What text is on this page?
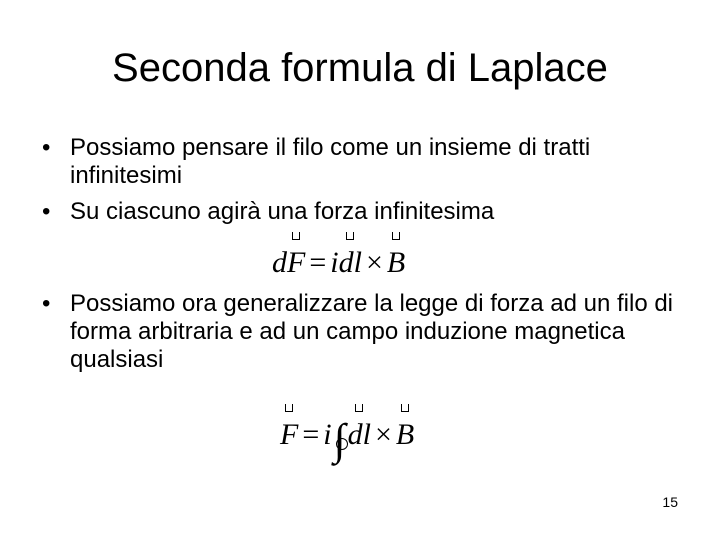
Seconda formula di Laplace
• Possiamo pensare il filo come un insieme di tratti infinitesimi
• Su ciascuno agirà una forza infinitesima
d
F = i
dl × B
• Possiamo ora generalizzare la legge di forza ad un filo di forma arbitraria e ad un campo induzione magnetica qualsiasi
F = i
∫
dl × B
15
